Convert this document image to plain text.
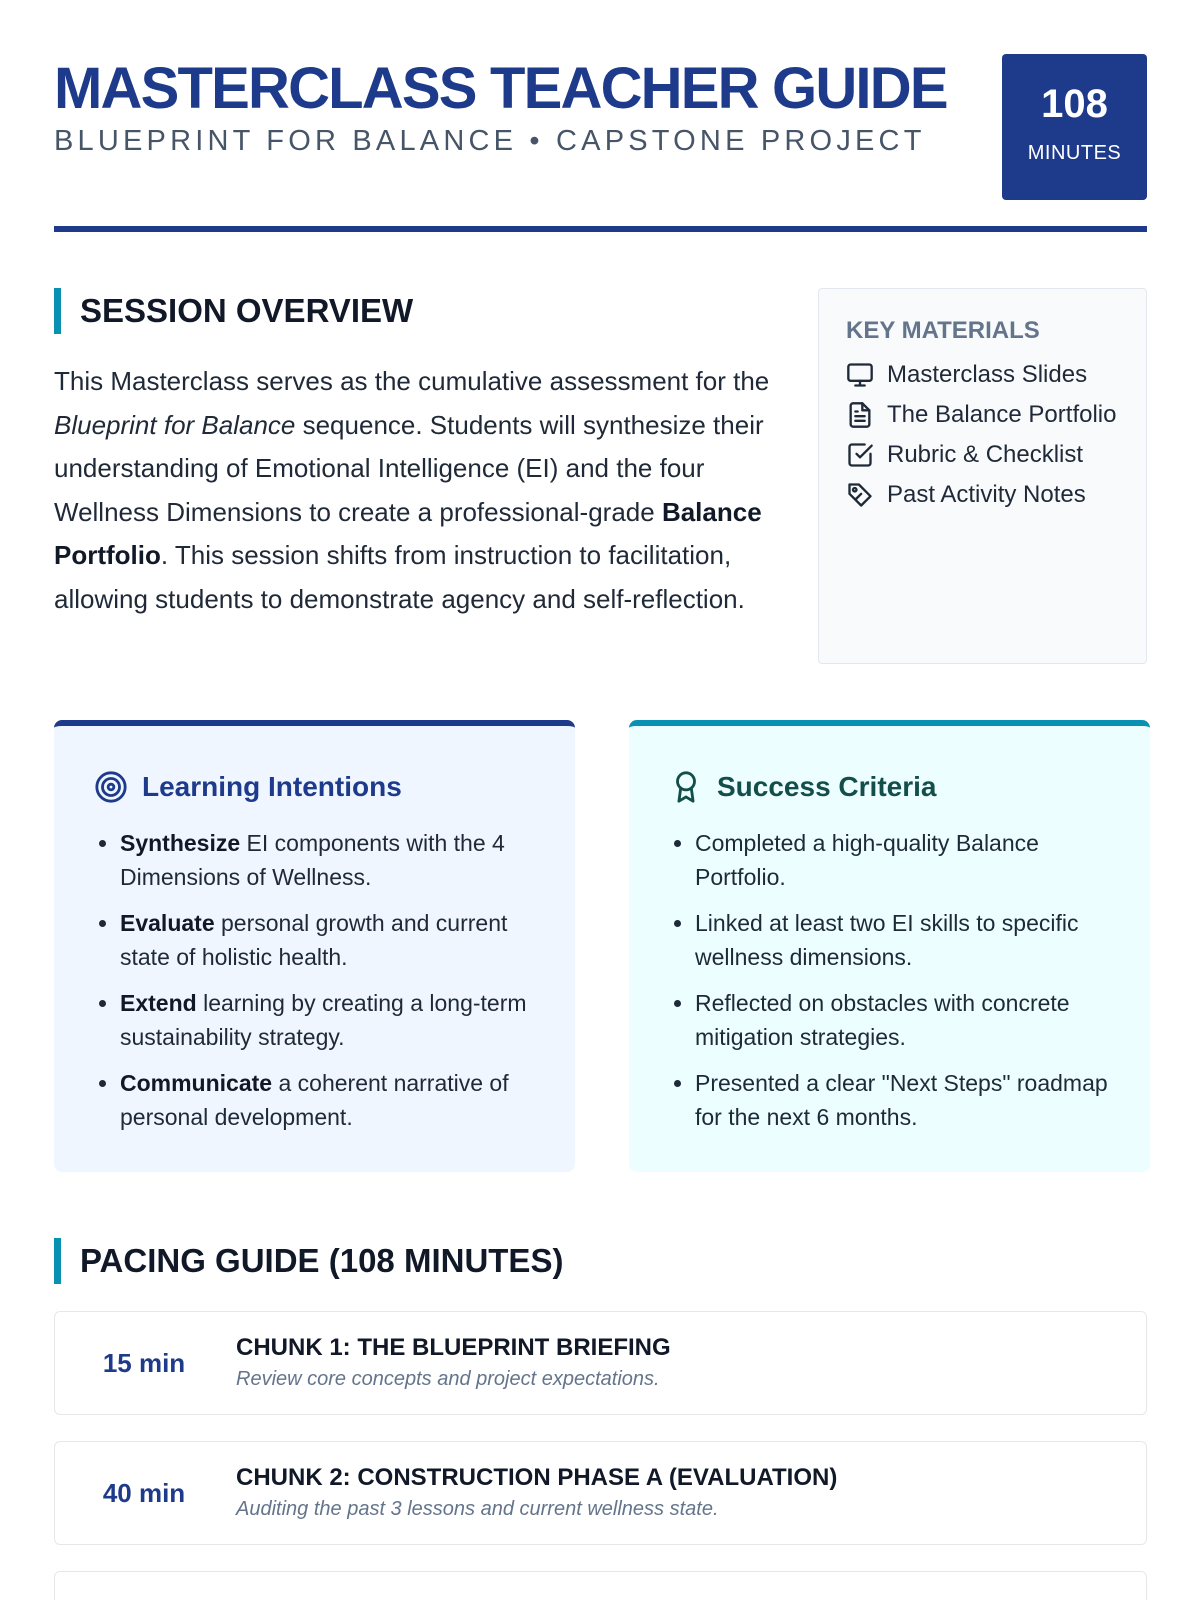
MASTERCLASS TEACHER GUIDE
BLUEPRINT FOR BALANCE • CAPSTONE PROJECT
108
MINUTES
SESSION OVERVIEW

This Masterclass serves as the cumulative assessment for the Blueprint for Balance sequence. Students will synthesize their understanding of Emotional Intelligence (EI) and the four Wellness Dimensions to create a professional-grade Balance Portfolio. This session shifts from instruction to facilitation, allowing students to demonstrate agency and self-reflection.

KEY MATERIALS
Masterclass Slides
The Balance Portfolio
Rubric & Checklist
Past Activity Notes
Learning Intentions
• Synthesize EI components with the 4 Dimensions of Wellness.
• Evaluate personal growth and current state of holistic health.
• Extend learning by creating a long-term sustainability strategy.
• Communicate a coherent narrative of personal development.
Success Criteria
• Completed a high-quality Balance Portfolio.
• Linked at least two EI skills to specific wellness dimensions.
• Reflected on obstacles with concrete mitigation strategies.
• Presented a clear "Next Steps" roadmap for the next 6 months.
PACING GUIDE (108 MINUTES)
15 min
CHUNK 1: THE BLUEPRINT BRIEFING
Review core concepts and project expectations.
40 min
CHUNK 2: CONSTRUCTION PHASE A (EVALUATION)
Auditing the past 3 lessons and current wellness state.
